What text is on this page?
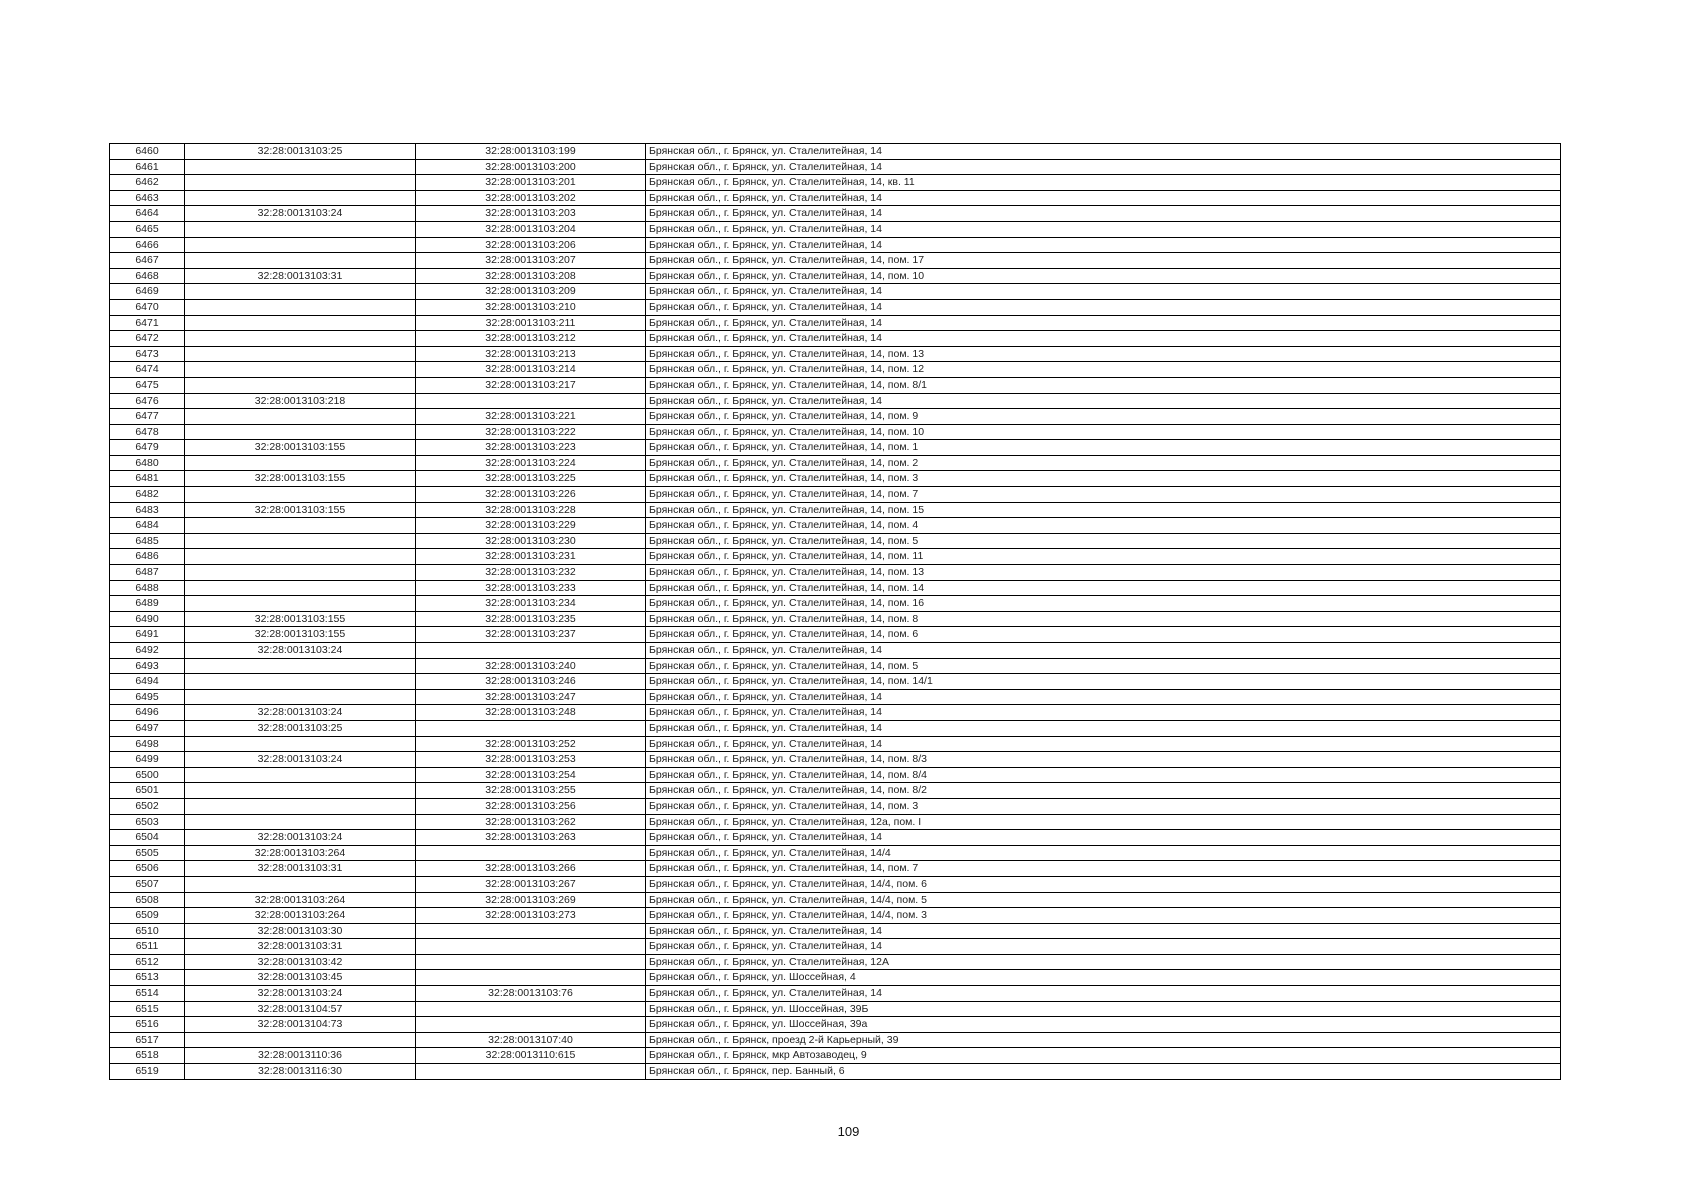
6460	32:28:0013103:25	32:28:0013103:199	Брянская обл., г. Брянск, ул. Сталелитейная, 14
6461		32:28:0013103:200	Брянская обл., г. Брянск, ул. Сталелитейная, 14
6462		32:28:0013103:201	Брянская обл., г. Брянск, ул. Сталелитейная, 14, кв. 11
6463		32:28:0013103:202	Брянская обл., г. Брянск, ул. Сталелитейная, 14
6464	32:28:0013103:24	32:28:0013103:203	Брянская обл., г. Брянск, ул. Сталелитейная, 14
6465		32:28:0013103:204	Брянская обл., г. Брянск, ул. Сталелитейная, 14
6466		32:28:0013103:206	Брянская обл., г. Брянск, ул. Сталелитейная, 14
6467		32:28:0013103:207	Брянская обл., г. Брянск, ул. Сталелитейная, 14, пом. 17
6468	32:28:0013103:31	32:28:0013103:208	Брянская обл., г. Брянск, ул. Сталелитейная, 14, пом. 10
6469		32:28:0013103:209	Брянская обл., г. Брянск, ул. Сталелитейная, 14
6470		32:28:0013103:210	Брянская обл., г. Брянск, ул. Сталелитейная, 14
6471		32:28:0013103:211	Брянская обл., г. Брянск, ул. Сталелитейная, 14
6472		32:28:0013103:212	Брянская обл., г. Брянск, ул. Сталелитейная, 14
6473		32:28:0013103:213	Брянская обл., г. Брянск, ул. Сталелитейная, 14, пом. 13
6474		32:28:0013103:214	Брянская обл., г. Брянск, ул. Сталелитейная, 14, пом. 12
6475		32:28:0013103:217	Брянская обл., г. Брянск, ул. Сталелитейная, 14, пом. 8/1
6476	32:28:0013103:218		Брянская обл., г. Брянск, ул. Сталелитейная, 14
6477		32:28:0013103:221	Брянская обл., г. Брянск, ул. Сталелитейная, 14, пом. 9
6478		32:28:0013103:222	Брянская обл., г. Брянск, ул. Сталелитейная, 14, пом. 10
6479	32:28:0013103:155	32:28:0013103:223	Брянская обл., г. Брянск, ул. Сталелитейная, 14, пом. 1
6480		32:28:0013103:224	Брянская обл., г. Брянск, ул. Сталелитейная, 14, пом. 2
6481	32:28:0013103:155	32:28:0013103:225	Брянская обл., г. Брянск, ул. Сталелитейная, 14, пом. 3
6482		32:28:0013103:226	Брянская обл., г. Брянск, ул. Сталелитейная, 14, пом. 7
6483	32:28:0013103:155	32:28:0013103:228	Брянская обл., г. Брянск, ул. Сталелитейная, 14, пом. 15
6484		32:28:0013103:229	Брянская обл., г. Брянск, ул. Сталелитейная, 14, пом. 4
6485		32:28:0013103:230	Брянская обл., г. Брянск, ул. Сталелитейная, 14, пом. 5
6486		32:28:0013103:231	Брянская обл., г. Брянск, ул. Сталелитейная, 14, пом. 11
6487		32:28:0013103:232	Брянская обл., г. Брянск, ул. Сталелитейная, 14, пом. 13
6488		32:28:0013103:233	Брянская обл., г. Брянск, ул. Сталелитейная, 14, пом. 14
6489		32:28:0013103:234	Брянская обл., г. Брянск, ул. Сталелитейная, 14, пом. 16
6490	32:28:0013103:155	32:28:0013103:235	Брянская обл., г. Брянск, ул. Сталелитейная, 14, пом. 8
6491	32:28:0013103:155	32:28:0013103:237	Брянская обл., г. Брянск, ул. Сталелитейная, 14, пом. 6
6492	32:28:0013103:24		Брянская обл., г. Брянск, ул. Сталелитейная, 14
6493		32:28:0013103:240	Брянская обл., г. Брянск, ул. Сталелитейная, 14, пом. 5
6494		32:28:0013103:246	Брянская обл., г. Брянск, ул. Сталелитейная, 14, пом. 14/1
6495		32:28:0013103:247	Брянская обл., г. Брянск, ул. Сталелитейная, 14
6496	32:28:0013103:24	32:28:0013103:248	Брянская обл., г. Брянск, ул. Сталелитейная, 14
6497	32:28:0013103:25		Брянская обл., г. Брянск, ул. Сталелитейная, 14
6498		32:28:0013103:252	Брянская обл., г. Брянск, ул. Сталелитейная, 14
6499	32:28:0013103:24	32:28:0013103:253	Брянская обл., г. Брянск, ул. Сталелитейная, 14, пом. 8/3
6500		32:28:0013103:254	Брянская обл., г. Брянск, ул. Сталелитейная, 14, пом. 8/4
6501		32:28:0013103:255	Брянская обл., г. Брянск, ул. Сталелитейная, 14, пом. 8/2
6502		32:28:0013103:256	Брянская обл., г. Брянск, ул. Сталелитейная, 14, пом. 3
6503		32:28:0013103:262	Брянская обл., г. Брянск, ул. Сталелитейная, 12а, пом. I
6504	32:28:0013103:24	32:28:0013103:263	Брянская обл., г. Брянск, ул. Сталелитейная, 14
6505	32:28:0013103:264		Брянская обл., г. Брянск, ул. Сталелитейная, 14/4
6506	32:28:0013103:31	32:28:0013103:266	Брянская обл., г. Брянск, ул. Сталелитейная, 14, пом. 7
6507		32:28:0013103:267	Брянская обл., г. Брянск, ул. Сталелитейная, 14/4, пом. 6
6508	32:28:0013103:264	32:28:0013103:269	Брянская обл., г. Брянск, ул. Сталелитейная, 14/4, пом. 5
6509	32:28:0013103:264	32:28:0013103:273	Брянская обл., г. Брянск, ул. Сталелитейная, 14/4, пом. 3
6510	32:28:0013103:30		Брянская обл., г. Брянск, ул. Сталелитейная, 14
6511	32:28:0013103:31		Брянская обл., г. Брянск, ул. Сталелитейная, 14
6512	32:28:0013103:42		Брянская обл., г. Брянск, ул. Сталелитейная, 12А
6513	32:28:0013103:45		Брянская обл., г. Брянск, ул. Шоссейная, 4
6514	32:28:0013103:24	32:28:0013103:76	Брянская обл., г. Брянск, ул. Сталелитейная, 14
6515	32:28:0013104:57		Брянская обл., г. Брянск, ул. Шоссейная, 39Б
6516	32:28:0013104:73		Брянская обл., г. Брянск, ул. Шоссейная, 39а
6517		32:28:0013107:40	Брянская обл., г. Брянск, проезд 2-й Карьерный, 39
6518	32:28:0013110:36	32:28:0013110:615	Брянская обл., г. Брянск, мкр Автозаводец, 9
6519	32:28:0013116:30		Брянская обл., г. Брянск, пер. Банный, 6
109
